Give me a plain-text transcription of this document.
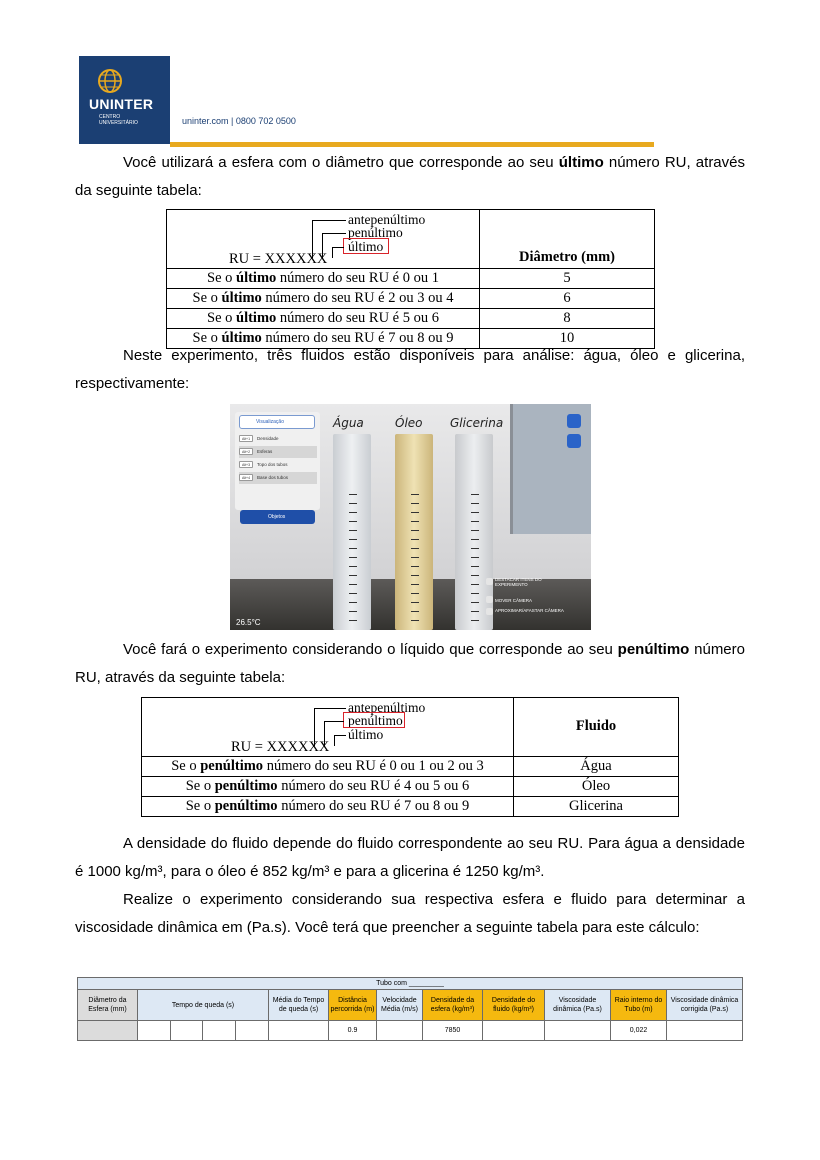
UNINTER
CENTRO
UNIVERSITÁRIO	uninter.com | 0800 702 0500
Você utilizará a esfera com o diâmetro que corresponde ao seu último número RU, através da seguinte tabela:
antepenúltimo
penúltimo
último
RU = XXXXXX	Diâmetro (mm)
Se o último número do seu RU é 0 ou 1	5
Se o último número do seu RU é 2 ou 3 ou 4	6
Se o último número do seu RU é 5 ou 6	8
Se o último número do seu RU é 7 ou 8 ou 9	10
Neste experimento, três fluidos estão disponíveis para análise: água, óleo e glicerina, respectivamente:
Água	Óleo Glicerina
Visualização
Alt+1 Densidade
Alt+2 Esferas
Alt+3 Topo dos tubos
Alt+4 Base dos tubos
Objetos
DESTACAR ITENS DO EXPERIMENTO
MOVER CÂMERA
APROXIMAR/AFASTAR CÂMERA
26.5°C
Você fará o experimento considerando o líquido que corresponde ao seu penúltimo número RU, através da seguinte tabela:
antepenúltimo
penúltimo
último
RU = XXXXXX	Fluido
Se o penúltimo número do seu RU é 0 ou 1 ou 2 ou 3	Água
Se o penúltimo número do seu RU é 4 ou 5 ou 6	Óleo
Se o penúltimo número do seu RU é 7 ou 8 ou 9	Glicerina
A densidade do fluido depende do fluido correspondente ao seu RU. Para água a densidade é 1000 kg/m³, para o óleo é 852 kg/m³ e para a glicerina é 1250 kg/m³.
Realize o experimento considerando sua respectiva esfera e fluido para determinar a viscosidade dinâmica em (Pa.s). Você terá que preencher a seguinte tabela para este cálculo:
Tubo com _________												
Diâmetro da Esfera (mm)	Tempo de queda (s)				Média do Tempo de queda (s)	Distância percorrida (m)	Velocidade Média (m/s)	Densidade da esfera (kg/m³)	Densidade do fluido (kg/m³)	Viscosidade dinâmica (Pa.s)	Raio interno do Tubo (m)	Viscosidade dinâmica corrigida (Pa.s)
						0.9		7850			0,022	
